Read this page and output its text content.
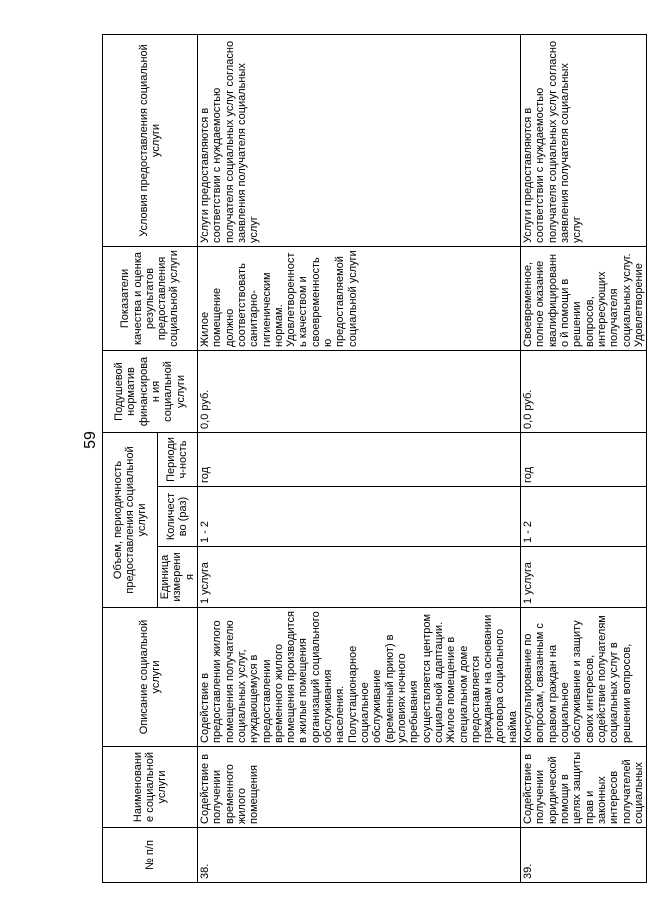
59
№ п/п	Наименование социальной услуги	Описание социальной услуги	Объем, периодичность предоставления социальной услуги			Подушевой норматив финансирован ия социальной услуги	Показатели качества и оценка результатов предоставления социальной услуги	Условия предоставления социальной услуги
			Единица измерения	Количество (раз)	Периодич-ность			
38.	Содействие в получении временного жилого помещения	Содействие в предоставлении жилого помещения получателю социальных услуг, нуждающемуся в предоставлении временного жилого помещения производится в жилые помещения организаций социального обслуживания населения. Полустационарное социальное обслуживание (временный приют) в условиях ночного пребывания осуществляется центром социальной адаптации. Жилое помещение в специальном доме предоставляется гражданам на основании договора социального найма	1 услуга	1 - 2	год	0,0 руб.	Жилое помещение должно соответствовать санитарно-гигиеническим нормам. Удовлетворенность качеством и своевременностью предоставляемой социальной услуги	Услуги предоставляются в соответствии с нуждаемостью получателя социальных услуг согласно заявления получателя социальных услуг
39.	Содействие в получении юридической помощи в целях защиты прав и законных интересов получателей социальных	Консультирование по вопросам, связанным с правом граждан на социальное обслуживание и защиту своих интересов, содействие получателям социальных услуг в решении вопросов,	1 услуга	1 - 2	год	0,0 руб.	Своевременное, полное оказание квалифицированно й помощи в решении вопросов, интересующих получателя социальных услуг. Удовлетворение	Услуги предоставляются в соответствии с нуждаемостью получателя социальных услуг согласно заявления получателя социальных услуг
